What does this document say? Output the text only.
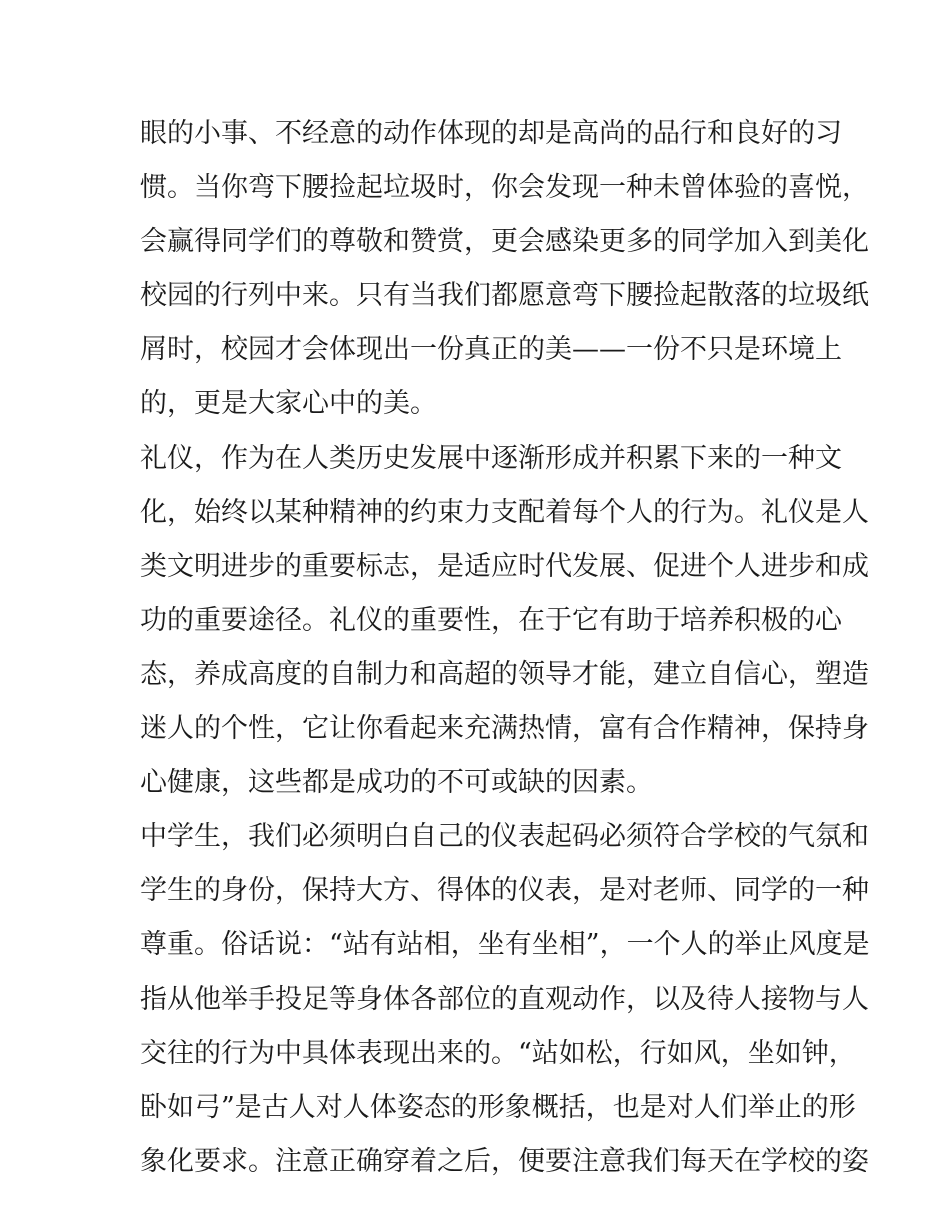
眼的小事、不经意的动作体现的却是高尚的品行和良好的习
惯。当你弯下腰捡起垃圾时，你会发现一种未曾体验的喜悦，
会赢得同学们的尊敬和赞赏，更会感染更多的同学加入到美化
校园的行列中来。只有当我们都愿意弯下腰捡起散落的垃圾纸
屑时，校园才会体现出一份真正的美——一份不只是环境上
的，更是大家心中的美。
礼仪，作为在人类历史发展中逐渐形成并积累下来的一种文
化，始终以某种精神的约束力支配着每个人的行为。礼仪是人
类文明进步的重要标志，是适应时代发展、促进个人进步和成
功的重要途径。礼仪的重要性，在于它有助于培养积极的心
态，养成高度的自制力和高超的领导才能，建立自信心，塑造
迷人的个性，它让你看起来充满热情，富有合作精神，保持身
心健康，这些都是成功的不可或缺的因素。
中学生，我们必须明白自己的仪表起码必须符合学校的气氛和
学生的身份，保持大方、得体的仪表，是对老师、同学的一种
尊重。俗话说：“站有站相，坐有坐相”，一个人的举止风度是
指从他举手投足等身体各部位的直观动作，以及待人接物与人
交往的行为中具体表现出来的。“站如松，行如风，坐如钟，
卧如弓”是古人对人体姿态的形象概括，也是对人们举止的形
象化要求。注意正确穿着之后，便要注意我们每天在学校的姿
